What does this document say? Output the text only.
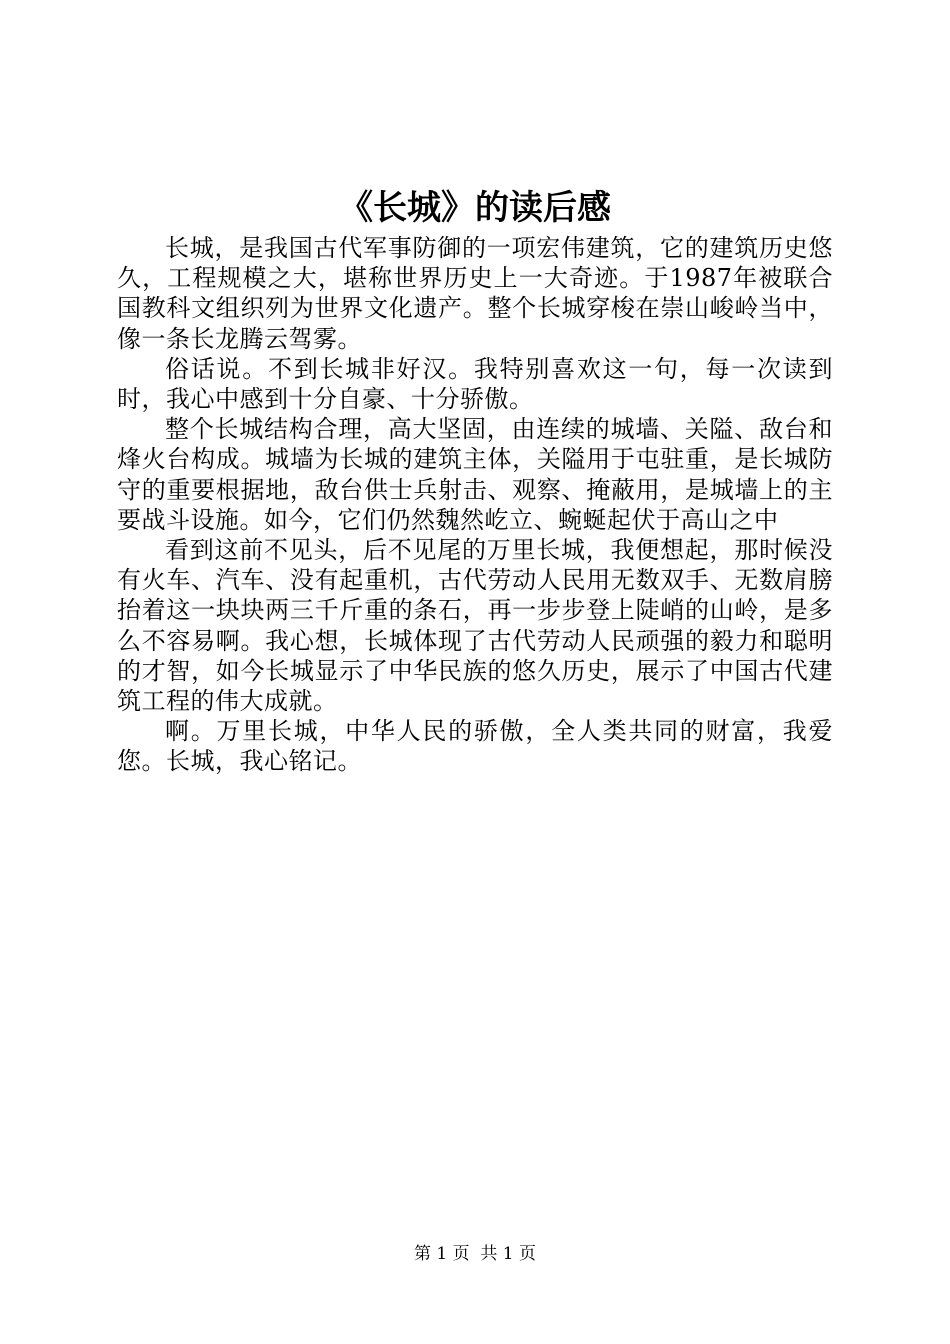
《长城》的读后感

长城，是我国古代军事防御的一项宏伟建筑，它的建筑历史悠久，工程规模之大，堪称世界历史上一大奇迹。于1987年被联合国教科文组织列为世界文化遗产。整个长城穿梭在崇山峻岭当中，像一条长龙腾云驾雾。

俗话说。不到长城非好汉。我特别喜欢这一句，每一次读到时，我心中感到十分自豪、十分骄傲。

整个长城结构合理，高大坚固，由连续的城墙、关隘、敌台和烽火台构成。城墙为长城的建筑主体，关隘用于屯驻重，是长城防守的重要根据地，敌台供士兵射击、观察、掩蔽用，是城墙上的主要战斗设施。如今，它们仍然魏然屹立、蜿蜒起伏于高山之中

看到这前不见头，后不见尾的万里长城，我便想起，那时候没有火车、汽车、没有起重机，古代劳动人民用无数双手、无数肩膀抬着这一块块两三千斤重的条石，再一步步登上陡峭的山岭，是多么不容易啊。我心想，长城体现了古代劳动人民顽强的毅力和聪明的才智，如今长城显示了中华民族的悠久历史，展示了中国古代建筑工程的伟大成就。

啊。万里长城，中华人民的骄傲，全人类共同的财富，我爱您。长城，我心铭记。

第 1 页  共 1 页
